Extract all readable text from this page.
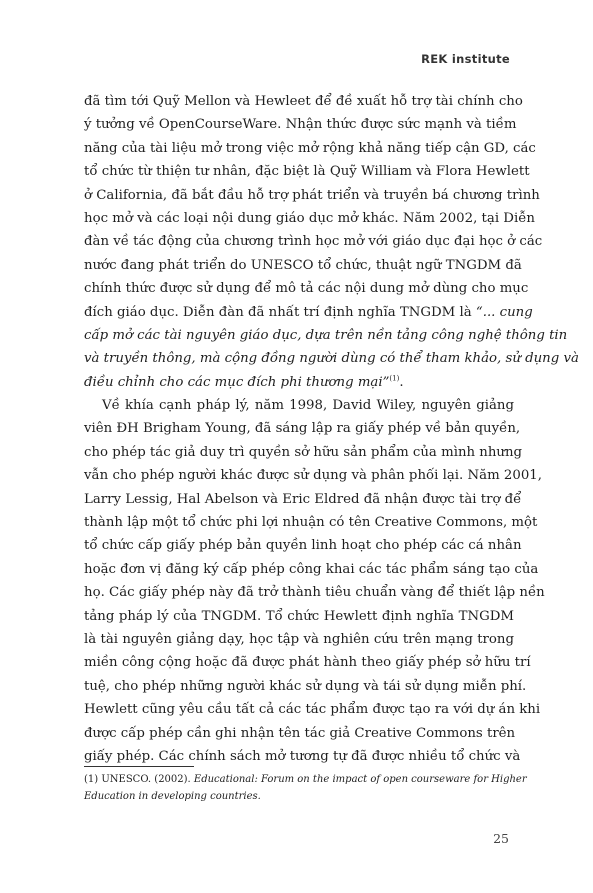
REK institute
đã tìm tới Quỹ Mellon và Hewleet để đề xuất hỗ trợ tài chính cho
ý tưởng về OpenCourseWare. Nhận thức được sức mạnh và tiềm
năng của tài liệu mở trong việc mở rộng khả năng tiếp cận GD, các
tổ chức từ thiện tư nhân, đặc biệt là Quỹ William và Flora Hewlett
ở California, đã bắt đầu hỗ trợ phát triển và truyền bá chương trình
học mở và các loại nội dung giáo dục mở khác. Năm 2002, tại Diễn
đàn về tác động của chương trình học mở với giáo dục đại học ở các
nước đang phát triển do UNESCO tổ chức, thuật ngữ TNGDM đã
chính thức được sử dụng để mô tả các nội dung mở dùng cho mục
đích giáo dục. Diễn đàn đã nhất trí định nghĩa TNGDM là “... cung
cấp mở các tài nguyên giáo dục, dựa trên nền tảng công nghệ thông tin
và truyền thông, mà cộng đồng người dùng có thể tham khảo, sử dụng và
điều chỉnh cho các mục đích phi thương mại”$^{(1)}$.
Về khía cạnh pháp lý, năm 1998, David Wiley, nguyên giảng
viên ĐH Brigham Young, đã sáng lập ra giấy phép về bản quyền,
cho phép tác giả duy trì quyền sở hữu sản phẩm của mình nhưng
vẫn cho phép người khác được sử dụng và phân phối lại. Năm 2001,
Larry Lessig, Hal Abelson và Eric Eldred đã nhận được tài trợ để
thành lập một tổ chức phi lợi nhuận có tên Creative Commons, một
tổ chức cấp giấy phép bản quyền linh hoạt cho phép các cá nhân
hoặc đơn vị đăng ký cấp phép công khai các tác phẩm sáng tạo của
họ. Các giấy phép này đã trở thành tiêu chuẩn vàng để thiết lập nền
tảng pháp lý của TNGDM. Tổ chức Hewlett định nghĩa TNGDM
là tài nguyên giảng dạy, học tập và nghiên cứu trên mạng trong
miền công cộng hoặc đã được phát hành theo giấy phép sở hữu trí
tuệ, cho phép những người khác sử dụng và tái sử dụng miễn phí.
Hewlett cũng yêu cầu tất cả các tác phẩm được tạo ra với dự án khi
được cấp phép cần ghi nhận tên tác giả Creative Commons trên
giấy phép. Các chính sách mở tương tự đã được nhiều tổ chức và
(1) UNESCO. (2002). Educational: Forum on the impact of open courseware for Higher
Education in developing countries.
25
